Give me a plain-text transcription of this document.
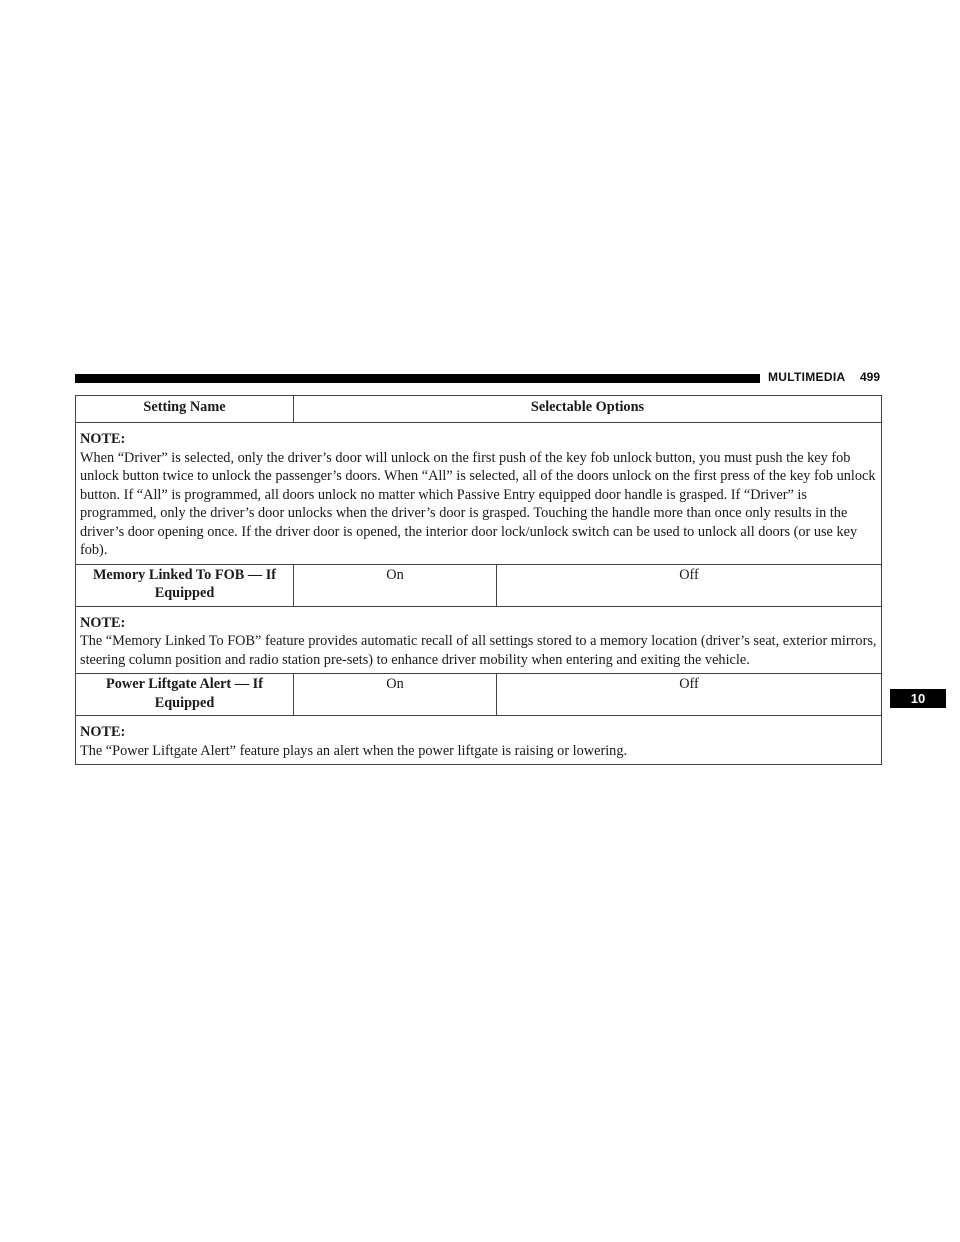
MULTIMEDIA 499
10
Setting Name	Selectable Options	

NOTE:
When “Driver” is selected, only the driver’s door will unlock on the first push of the key fob unlock button, you must push the key fob unlock button twice to unlock the passenger’s doors. When “All” is selected, all of the doors unlock on the first press of the key fob unlock button. If “All” is programmed, all doors unlock no matter which Passive Entry equipped door handle is grasped. If “Driver” is programmed, only the driver’s door unlocks when the driver’s door is grasped. Touching the handle more than once only results in the driver’s door opening once. If the driver door is opened, the interior door lock/unlock switch can be used to unlock all doors (or use key fob).		
Memory Linked To FOB — If Equipped	On	Off

NOTE:
The “Memory Linked To FOB” feature provides automatic recall of all settings stored to a memory location (driver’s seat, exterior mirrors, steering column position and radio station pre-sets) to enhance driver mobility when entering and exiting the vehicle.		
Power Liftgate Alert — If Equipped	On	Off

NOTE:
The “Power Liftgate Alert” feature plays an alert when the power liftgate is raising or lowering.		
